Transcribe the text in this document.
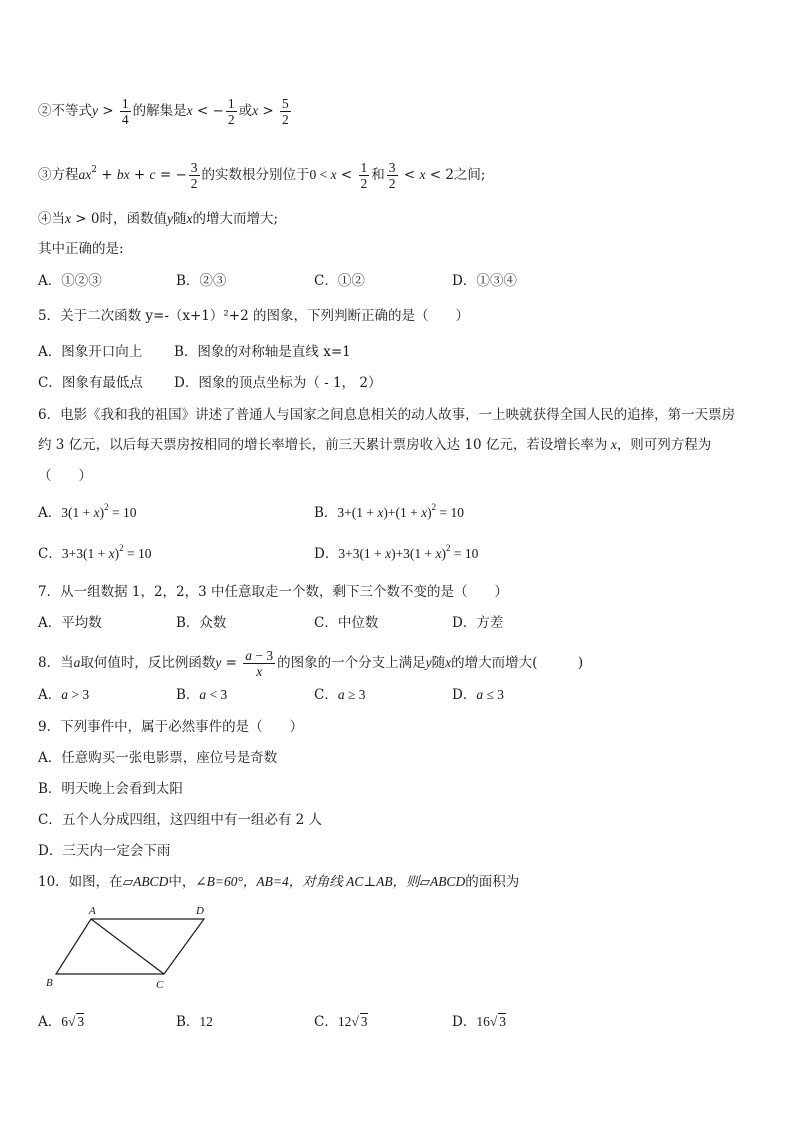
②不等式$y > \frac{1}{4}$ 的解集是x < − $\frac{1}{2}$ 或$x > \frac{5}{2}$
③方程$ax^2$ + bx + c = − $\frac{3}{2}$ 的实数根分别位于$0 < x < \frac{1}{2}$ 和 $\frac{3}{2} < x < 2$之间;
④当x > 0时，函数值y随x的增大而增大;
其中正确的是:
A．①②③	B．②③	C．①②	D．①③④
5．关于二次函数 y=-（x+1）²+2 的图象，下列判断正确的是（　　）
A．图象开口向上 B．图象的对称轴是直线 x=1
C．图象有最低点 D．图象的顶点坐标为（ - 1， 2）
6．电影《我和我的祖国》讲述了普通人与国家之间息息相关的动人故事，一上映就获得全国人民的追捧，第一天票房
约 3 亿元，以后每天票房按相同的增长率增长，前三天累计票房收入达 10 亿元，若设增长率为 x，则可列方程为
（　　）
A．$3(1 + x)^2 = 10$	B．$3+(1 + x)+(1 + x)^2 = 10$
C．$3+3(1 + x)^2 = 10$	D．$3+3(1 + x)+3(1 + x)^2 = 10$
7．从一组数据 1，2，2，3 中任意取走一个数，剩下三个数不变的是（　　）
A．平均数	B．众数	C．中位数	D．方差
8．当a取何值时，反比例函数$y = \frac{a - 3}{x}$ 的图象的一个分支上满足y随x的增大而增大(　　　)
A．a > 3	B．a < 3	C．a ≥ 3	D．a ≤ 3
9．下列事件中，属于必然事件的是（　　）
A．任意购买一张电影票，座位号是奇数
B．明天晚上会看到太阳
C．五个人分成四组，这四组中有一组必有 2 人
D．三天内一定会下雨
10．如图，在▱ABCD中，∠B=60°，AB=4，对角线 AC⊥AB，则▱ABCD的面积为
A	D
B	C
A．6√ 3	B．12	C．12√ 3	D．16√ 3
